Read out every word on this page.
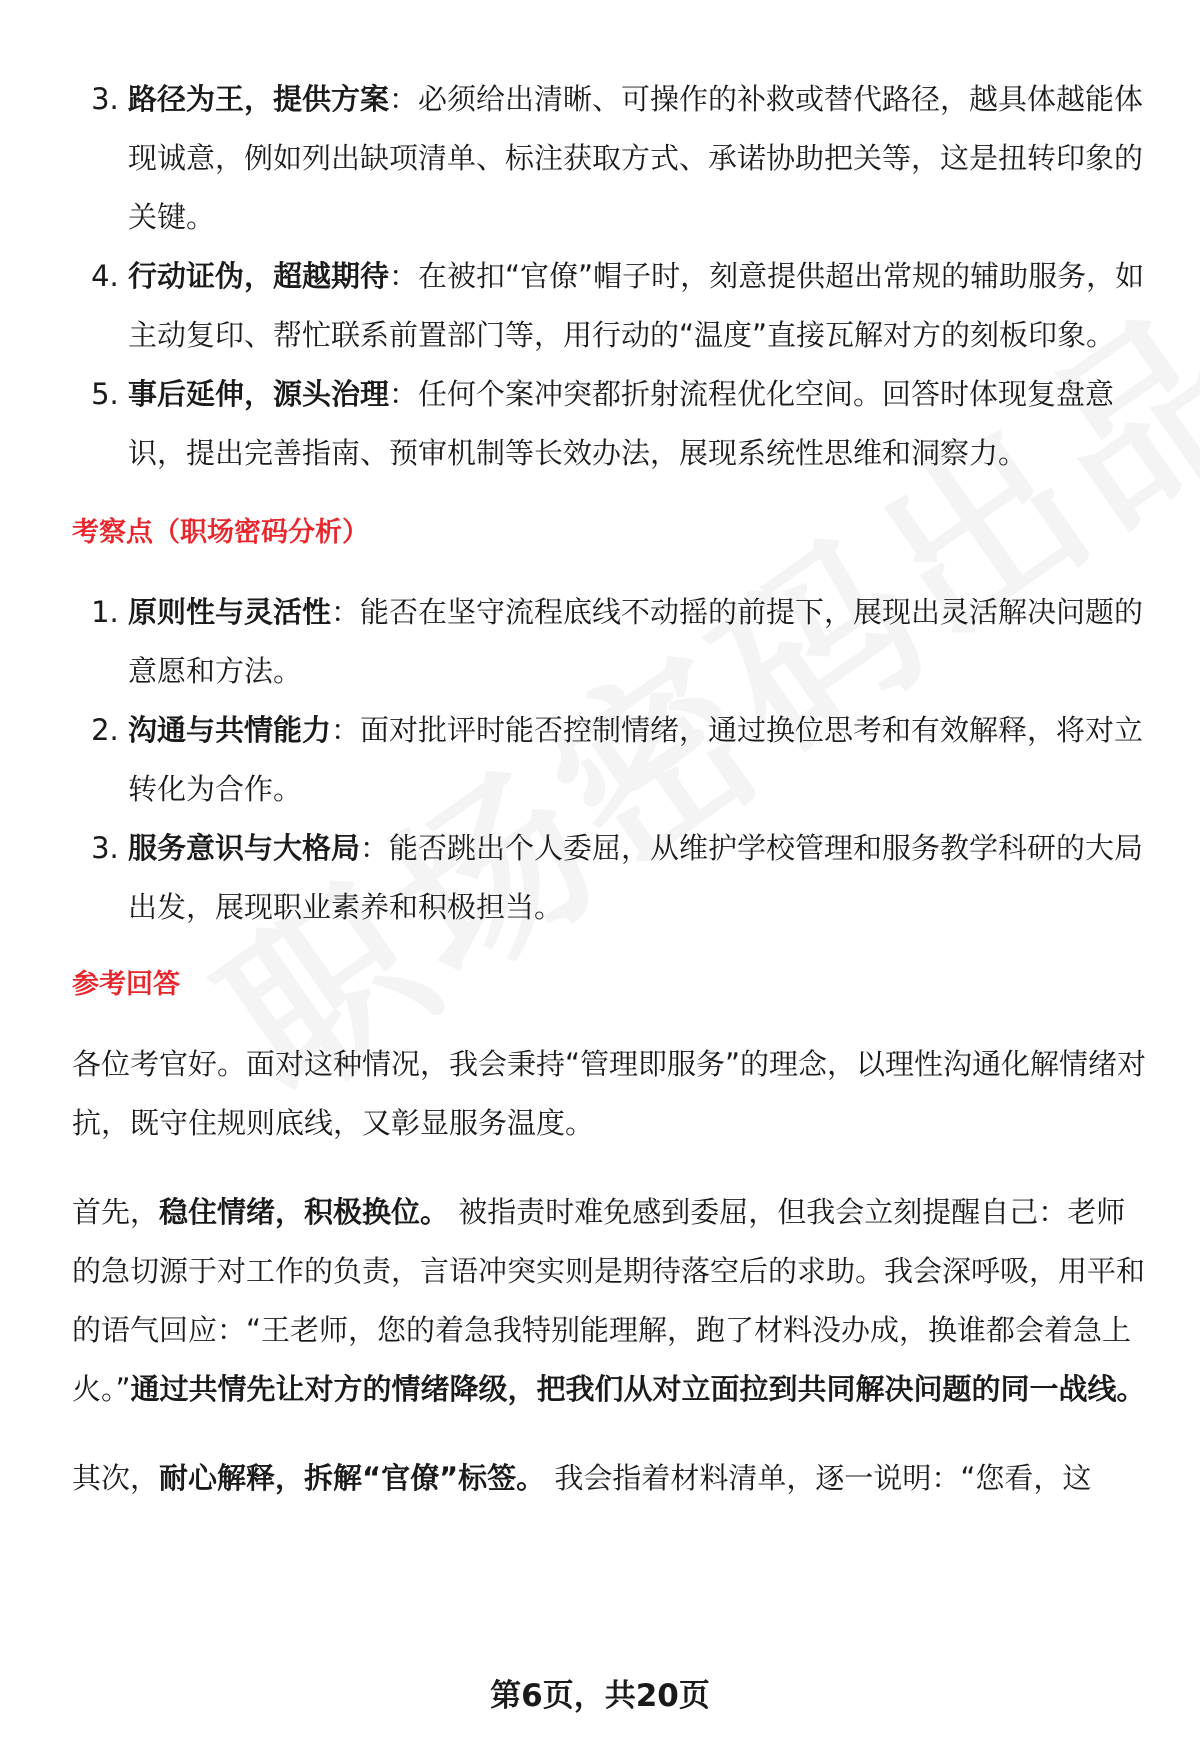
3. 路径为王，提供方案：必须给出清晰、可操作的补救或替代路径，越具体越能体现诚意，例如列出缺项清单、标注获取方式、承诺协助把关等，这是扭转印象的关键。
4. 行动证伪，超越期待：在被扣“官僚”帽子时，刻意提供超出常规的辅助服务，如主动复印、帮忙联系前置部门等，用行动的“温度”直接瓦解对方的刻板印象。
5. 事后延伸，源头治理：任何个案冲突都折射流程优化空间。回答时体现复盘意识，提出完善指南、预审机制等长效办法，展现系统性思维和洞察力。
考察点（职场密码分析）
1. 原则性与灵活性：能否在坚守流程底线不动摇的前提下，展现出灵活解决问题的意愿和方法。
2. 沟通与共情能力：面对批评时能否控制情绪，通过换位思考和有效解释，将对立转化为合作。
3. 服务意识与大格局：能否跳出个人委屈，从维护学校管理和服务教学科研的大局出发，展现职业素养和积极担当。
参考回答

各位考官好。面对这种情况，我会秉持“管理即服务”的理念，以理性沟通化解情绪对抗，既守住规则底线，又彰显服务温度。

首先，稳住情绪，积极换位。 被指责时难免感到委屈，但我会立刻提醒自己：老师的急切源于对工作的负责，言语冲突实则是期待落空后的求助。我会深呼吸，用平和的语气回应：“王老师，您的着急我特别能理解，跑了材料没办成，换谁都会着急上火。”通过共情先让对方的情绪降级，把我们从对立面拉到共同解决问题的同一战线。

其次，耐心解释，拆解“官僚”标签。 我会指着材料清单，逐一说明：“您看，这

第6页，共20页
